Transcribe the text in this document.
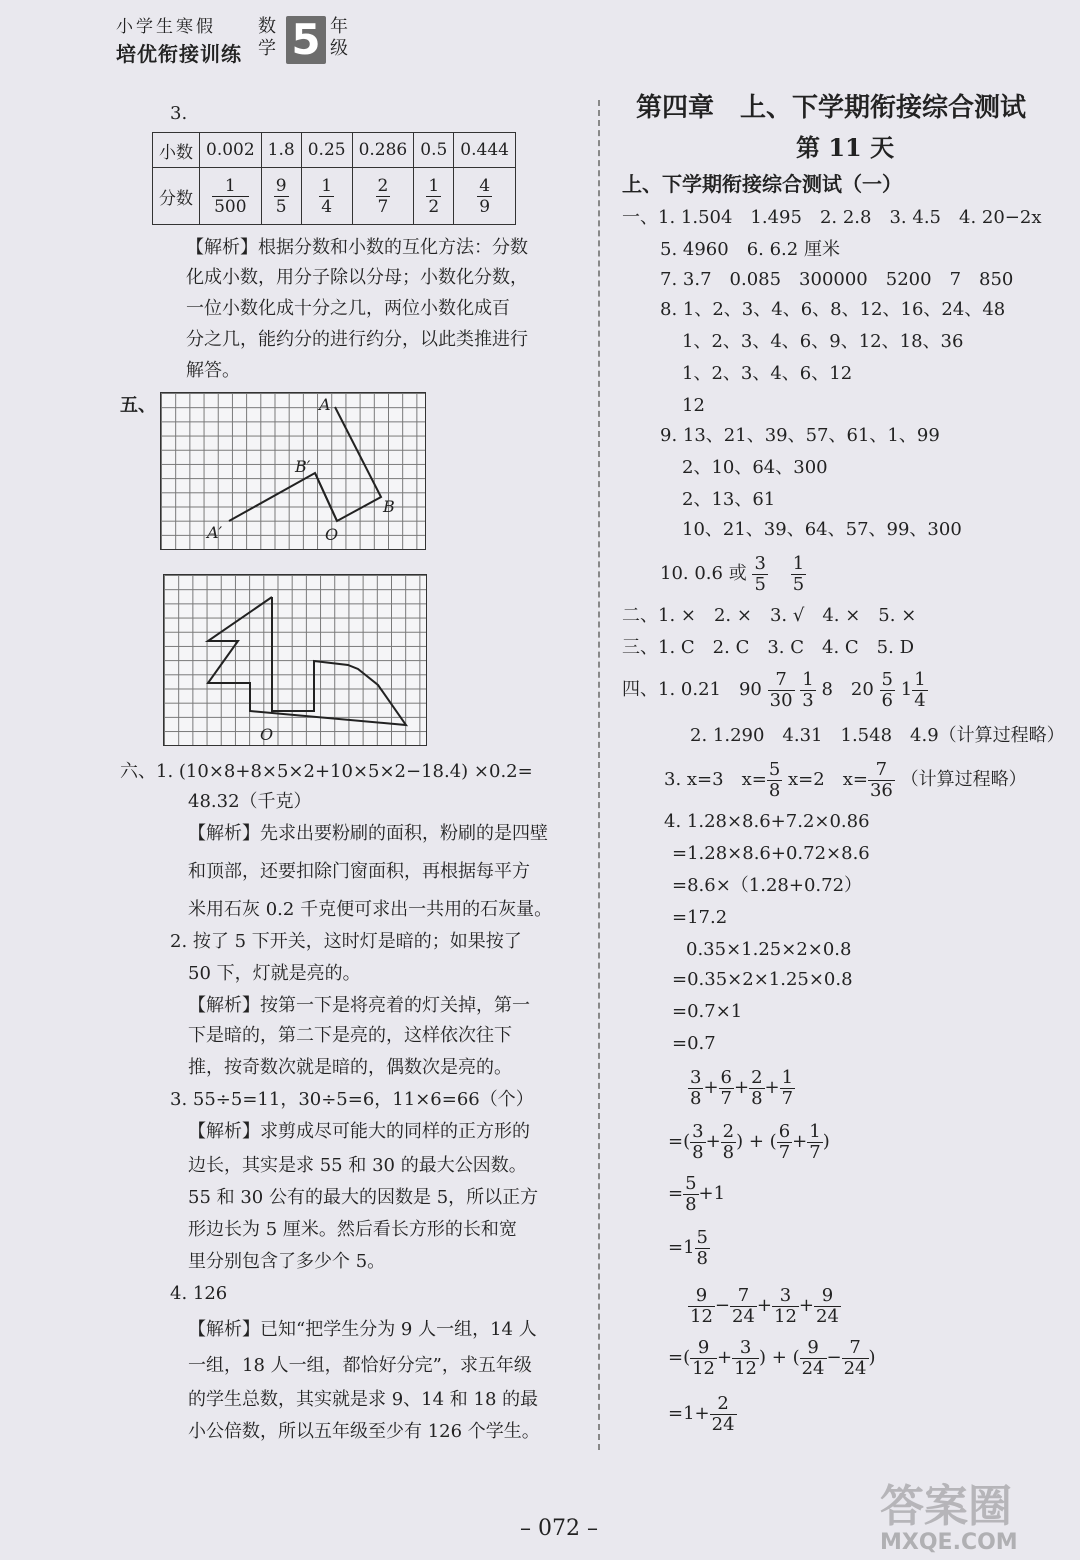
小学生寒假
培优衔接训练
数学 5 年级
3.
小数	0.002	1.8	0.25	0.286	0.5	0.444
分数	$\frac{1}{500}$	$\frac{9}{5}$	$\frac{1}{4}$	$\frac{2}{7}$	$\frac{1}{2}$	$\frac{4}{9}$
【解析】根据分数和小数的互化方法：分数
化成小数，用分子除以分母；小数化分数，
一位小数化成十分之几，两位小数化成百
分之几，能约分的进行约分，以此类推进行
解答。
五、	A
B′
A′	O
B
O
六、1. (10×8+8×5×2+10×5×2−18.4) ×0.2=
48.32（千克）
【解析】先求出要粉刷的面积，粉刷的是四壁
和顶部，还要扣除门窗面积，再根据每平方
米用石灰 0.2 千克便可求出一共用的石灰量。
2. 按了 5 下开关，这时灯是暗的；如果按了
50 下，灯就是亮的。
【解析】按第一下是将亮着的灯关掉，第一
下是暗的，第二下是亮的，这样依次往下
推，按奇数次就是暗的，偶数次是亮的。
3. 55÷5=11，30÷5=6，11×6=66（个）
【解析】求剪成尽可能大的同样的正方形的
边长，其实是求 55 和 30 的最大公因数。
55 和 30 公有的最大的因数是 5，所以正方
形边长为 5 厘米。然后看长方形的长和宽
里分别包含了多少个 5。
4. 126
【解析】已知“把学生分为 9 人一组，14 人
一组，18 人一组，都恰好分完”，求五年级
的学生总数，其实就是求 9、14 和 18 的最
小公倍数，所以五年级至少有 126 个学生。
第四章　上、下学期衔接综合测试
第 11 天
上、下学期衔接综合测试（一）
一、1. 1.504　1.495　2. 2.8　3. 4.5　4. 20−2x
5. 4960　6. 6.2 厘米
7. 3.7　0.085　300000　5200　7　850
8. 1、2、3、4、6、8、12、16、24、48
1、2、3、4、6、9、12、18、36
1、2、3、4、6、12
12
9. 13、21、39、57、61、1、99
2、10、64、300
2、13、61
10、21、39、64、57、99、300
10. 0.6 或 $\frac{3}{5}$
$\frac{1}{5}$
二、1. ×　2. ×　3. √　4. ×　5. ×
三、1. C　2. C　3. C　4. C　5. D
四、1. 0.21　$90 \frac{7}{30}$
$\frac{1}{3} 8$　$20 \frac{5}{6} 1 \frac{1}{4}$
2. 1.290̇　4.31　1.548　4.9（计算过程略）
3. x=3　$x= \frac{5}{8} x=2$　$x= \frac{7}{36}$ （计算过程略）
4. 1.28×8.6+7.2×0.86
=1.28×8.6+0.72×8.6
=8.6×（1.28+0.72）
=17.2
0.35×1.25×2×0.8
=0.35×2×1.25×0.8
=0.7×1
=0.7
$\frac{3}{8} + \frac{6}{7} + \frac{2}{8} + \frac{1}{7}$
=( $\frac{3}{8} + \frac{2}{8}$ ) + ( $\frac{6}{7} + \frac{1}{7}$ )
= $\frac{5}{8} +1$
$=1 \frac{5}{8}$
$\frac{9}{12} - \frac{7}{24} + \frac{3}{12} + \frac{9}{24}$
=( $\frac{9}{12} + \frac{3}{12}$ ) + ( $\frac{9}{24} - \frac{7}{24}$ )
$=1+ \frac{2}{24}$
– 072 –	答案圈
MXQE.COM
